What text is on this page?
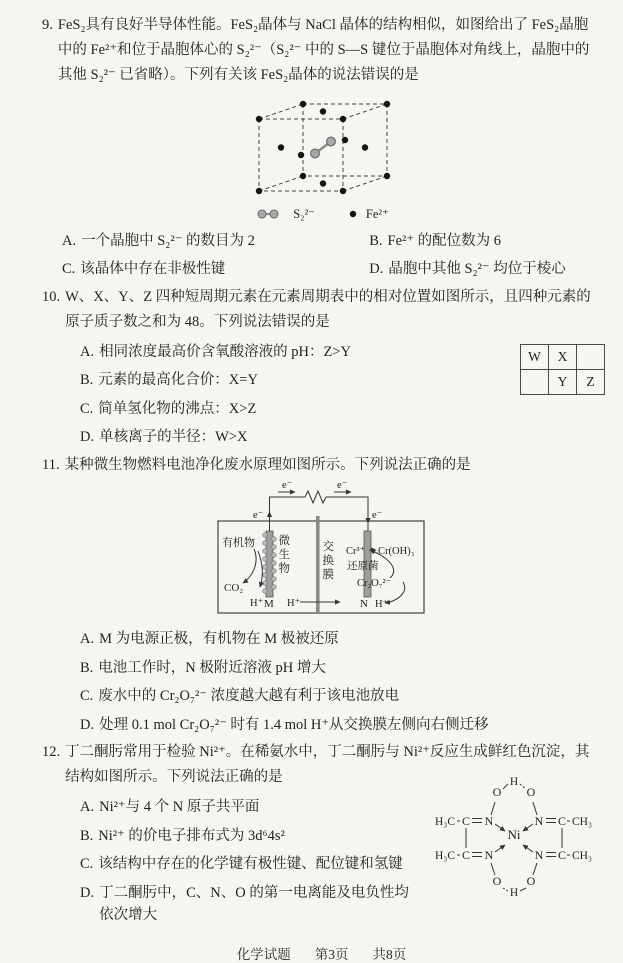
9. FeS₂具有良好半导体性能。FeS₂晶体与 NaCl 晶体的结构相似，如图给出了 FeS₂晶胞中的 Fe²⁺和位于晶胞体心的 S₂²⁻（S₂²⁻ 中的 S—S 键位于晶胞体对角线上，晶胞中的其他 S₂²⁻ 已省略）。下列有关该 FeS₂晶体的说法错误的是
S₂²⁻	Fe²⁺
A. 一个晶胞中 S₂²⁻ 的数目为 2	B. Fe²⁺ 的配位数为 6
C. 该晶体中存在非极性键	D. 晶胞中其他 S₂²⁻ 均位于棱心
10. W、X、Y、Z 四种短周期元素在元素周期表中的相对位置如图所示，且四种元素的原子质子数之和为 48。下列说法错误的是
W	X	
	Y	Z
A. 相同浓度最高价含氧酸溶液的 pH：Z>Y
B. 元素的最高化合价：X=Y
C. 简单氢化物的沸点：X>Z
D. 单核离子的半径：W>X
11. 某种微生物燃料电池净化废水原理如图所示。下列说法正确的是
e⁻	e⁻
e⁻	e⁻
有机物
CO₂
H⁺ M H⁺	N H⁺
Cr³⁺ Cr(OH)₃
还原菌
Cr₂O₇²⁻
微生物
交换膜
A. M 为电源正极，有机物在 M 极被还原
B. 电池工作时，N 极附近溶液 pH 增大
C. 废水中的 Cr₂O₇²⁻ 浓度越大越有利于该电池放电
D. 处理 0.1 mol Cr₂O₇²⁻ 时有 1.4 mol H⁺从交换膜左侧向右侧迁移
12. 丁二酮肟常用于检验 Ni²⁺。在稀氨水中，丁二酮肟与 Ni²⁺反应生成鲜红色沉淀，其结构如图所示。下列说法正确的是
Ni
N
N
N
N
O O
H
O O
H
C
C
C
C
H₃C
H₃C
CH₃
CH₃
A. Ni²⁺与 4 个 N 原子共平面
B. Ni²⁺ 的价电子排布式为 3d⁶4s²
C. 该结构中存在的化学键有极性键、配位键和氢键
D. 丁二酮肟中，C、N、O 的第一电离能及电负性均依次增大
化学试题 第3页 共8页
